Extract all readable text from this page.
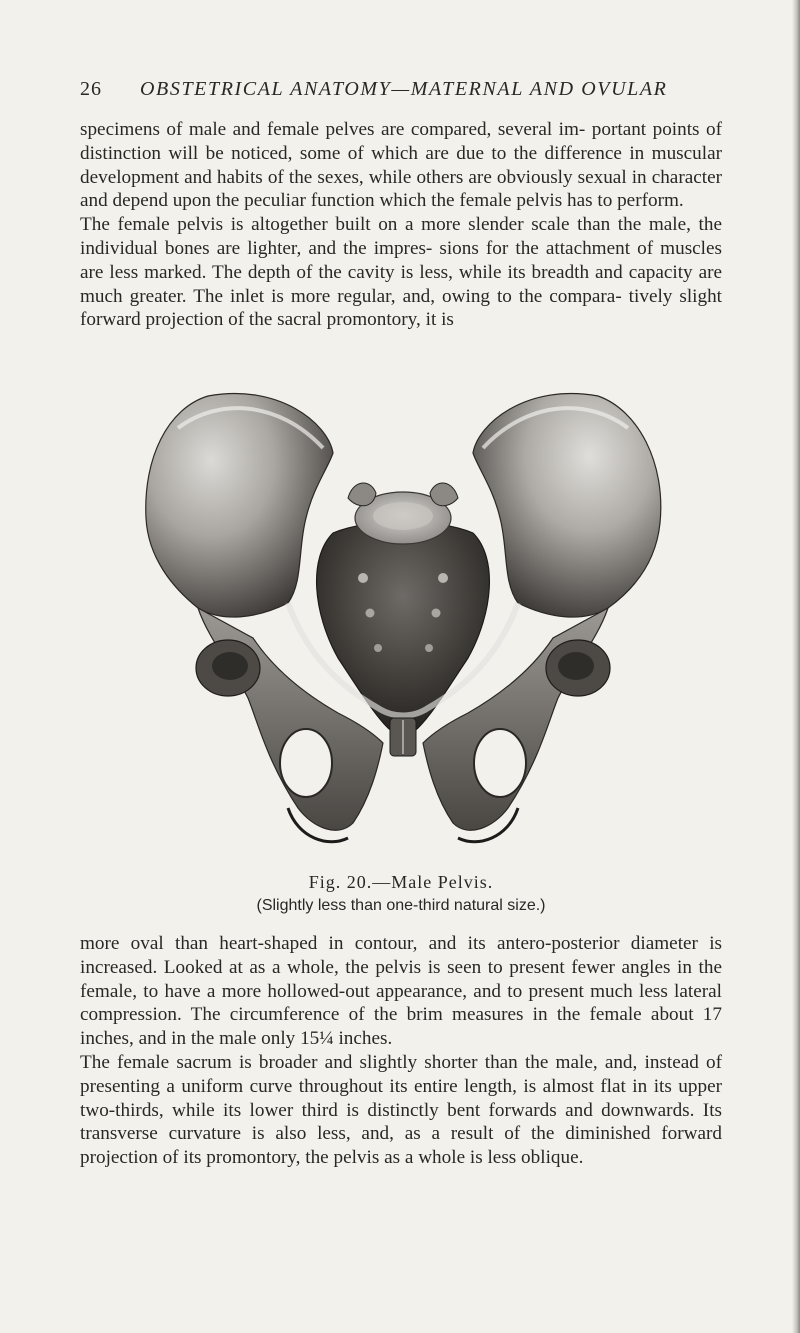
26 OBSTETRICAL ANATOMY—MATERNAL AND OVULAR

specimens of male and female pelves are compared, several im- portant points of distinction will be noticed, some of which are due to the difference in muscular development and habits of the sexes, while others are obviously sexual in character and depend upon the peculiar function which the female pelvis has to perform.

The female pelvis is altogether built on a more slender scale than the male, the individual bones are lighter, and the impres- sions for the attachment of muscles are less marked. The depth of the cavity is less, while its breadth and capacity are much greater. The inlet is more regular, and, owing to the compara- tively slight forward projection of the sacral promontory, it is

Fig. 20.—Male Pelvis.
(Slightly less than one-third natural size.)

more oval than heart-shaped in contour, and its antero-posterior diameter is increased. Looked at as a whole, the pelvis is seen to present fewer angles in the female, to have a more hollowed-out appearance, and to present much less lateral compression. The circumference of the brim measures in the female about 17 inches, and in the male only 15¼ inches.

The female sacrum is broader and slightly shorter than the male, and, instead of presenting a uniform curve throughout its entire length, is almost flat in its upper two-thirds, while its lower third is distinctly bent forwards and downwards. Its transverse curvature is also less, and, as a result of the diminished forward projection of its promontory, the pelvis as a whole is less oblique.
